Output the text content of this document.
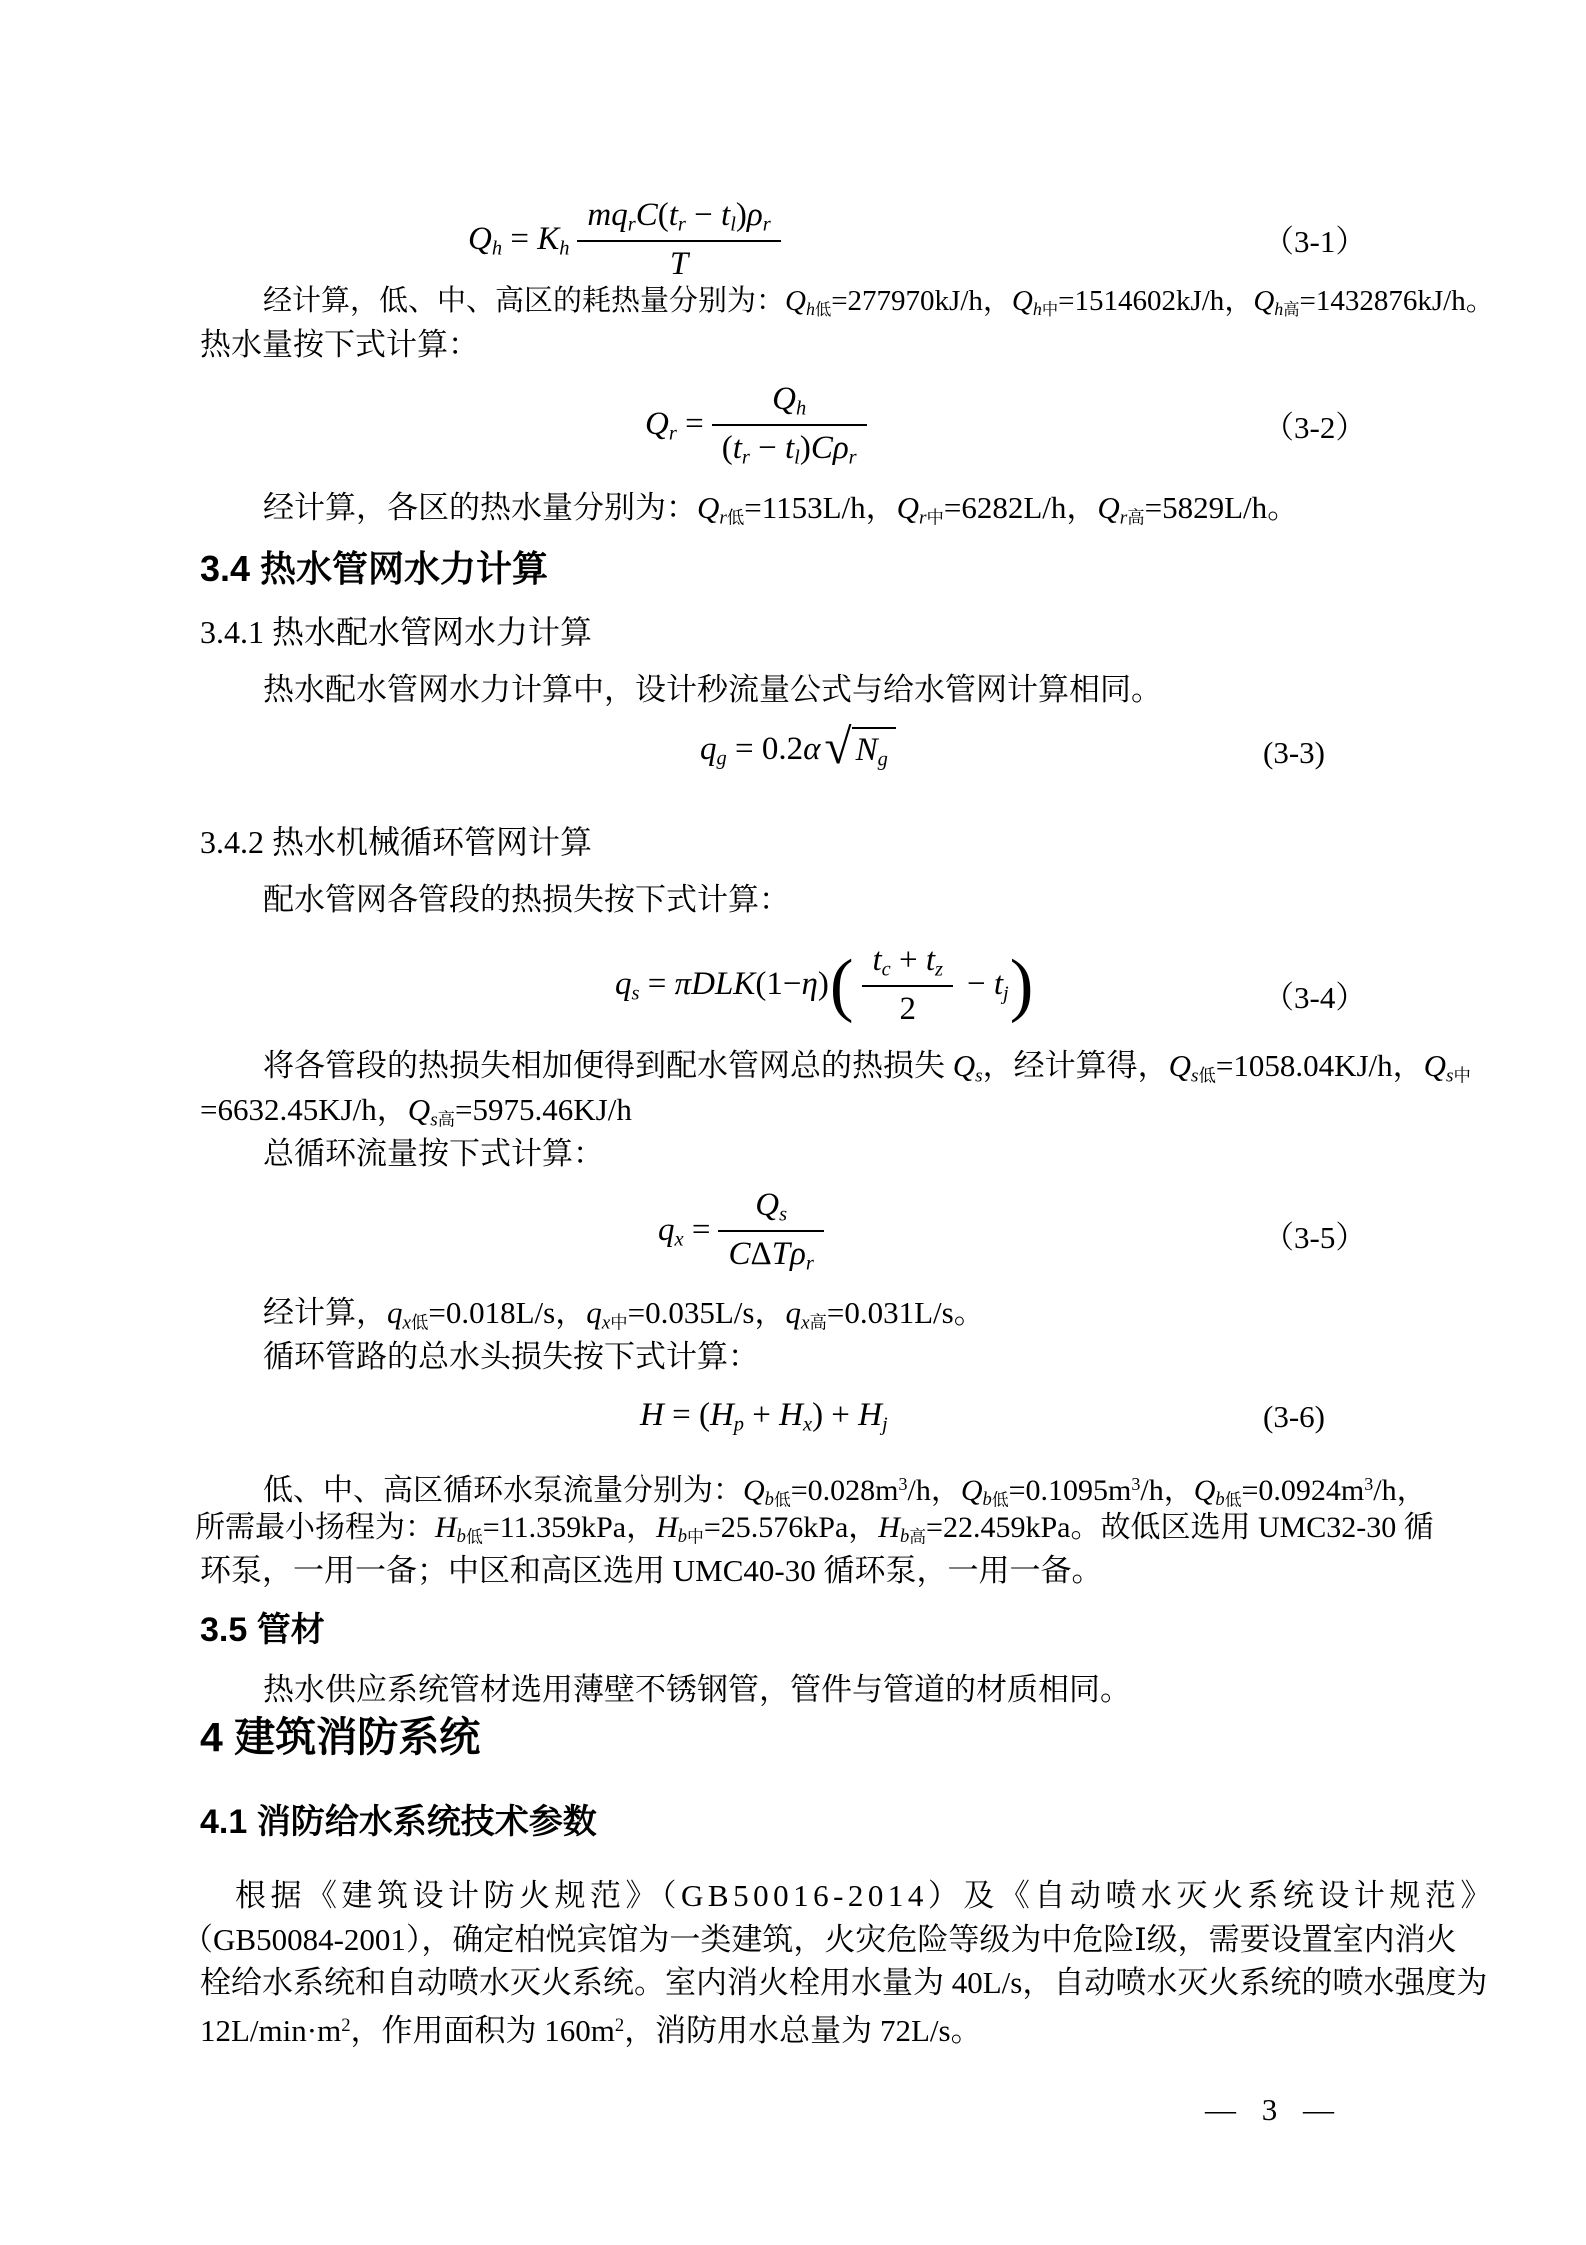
Qh = Kh $\frac{\text{mqrC(tr − tl)ρr}}{T}$	（3-1）
经计算，低、中、高区的耗热量分别为：Qh低=277970kJ/h，Qh中=1514602kJ/h，Qh高=1432876kJ/h。
热水量按下式计算：
$Qr = \frac{Qh}{\text{(tr − tl)Cρr}}$	（3-2）
经计算，各区的热水量分别为：Qr低=1153L/h，Qr中=6282L/h，Qr高=5829L/h。
3.4 热水管网水力计算
3.4.1 热水配水管网水力计算
热水配水管网水力计算中，设计秒流量公式与给水管网计算相同。
qg = 0.2α √ Ng	(3-3)
3.4.2 热水机械循环管网计算
配水管网各管段的热损失按下式计算：
qs = πDLK(1−η) ( $\frac{tc + tz}{2}$ − tj )	（3-4）
将各管段的热损失相加便得到配水管网总的热损失 Qs，经计算得，Qs低=1058.04KJ/h，Qs中
=6632.45KJ/h，Qs高=5975.46KJ/h
总循环流量按下式计算：
qx = $\frac{Qs}{\text{CΔTρr}}$	（3-5）
经计算，qx低=0.018L/s，qx中=0.035L/s，qx高=0.031L/s。
循环管路的总水头损失按下式计算：
H = (Hp + Hx) + Hj	(3-6)
低、中、高区循环水泵流量分别为：Qb低$=0.028m^3/h$，Qb低$=0.1095m^3/h$，Qb低$=0.0924m^3/h$，
所需最小扬程为：Hb低=11.359kPa，Hb中=25.576kPa，Hb高=22.459kPa。故低区选用 UMC32-30 循
环泵，一用一备；中区和高区选用 UMC40-30 循环泵，一用一备。
3.5 管材
热水供应系统管材选用薄壁不锈钢管，管件与管道的材质相同。
4 建筑消防系统
4.1 消防给水系统技术参数
根据《建筑设计防火规范》（GB50016-2014）及《自动喷水灭火系统设计规范》
（GB50084-2001），确定柏悦宾馆为一类建筑，火灾危险等级为中危险Ⅰ级，需要设置室内消火
栓给水系统和自动喷水灭火系统。室内消火栓用水量为 40L/s，自动喷水灭火系统的喷水强度为
$12L/\min\cdot m^2$，作用面积为 $160m^2$，消防用水总量为 72L/s。
— 3 —
